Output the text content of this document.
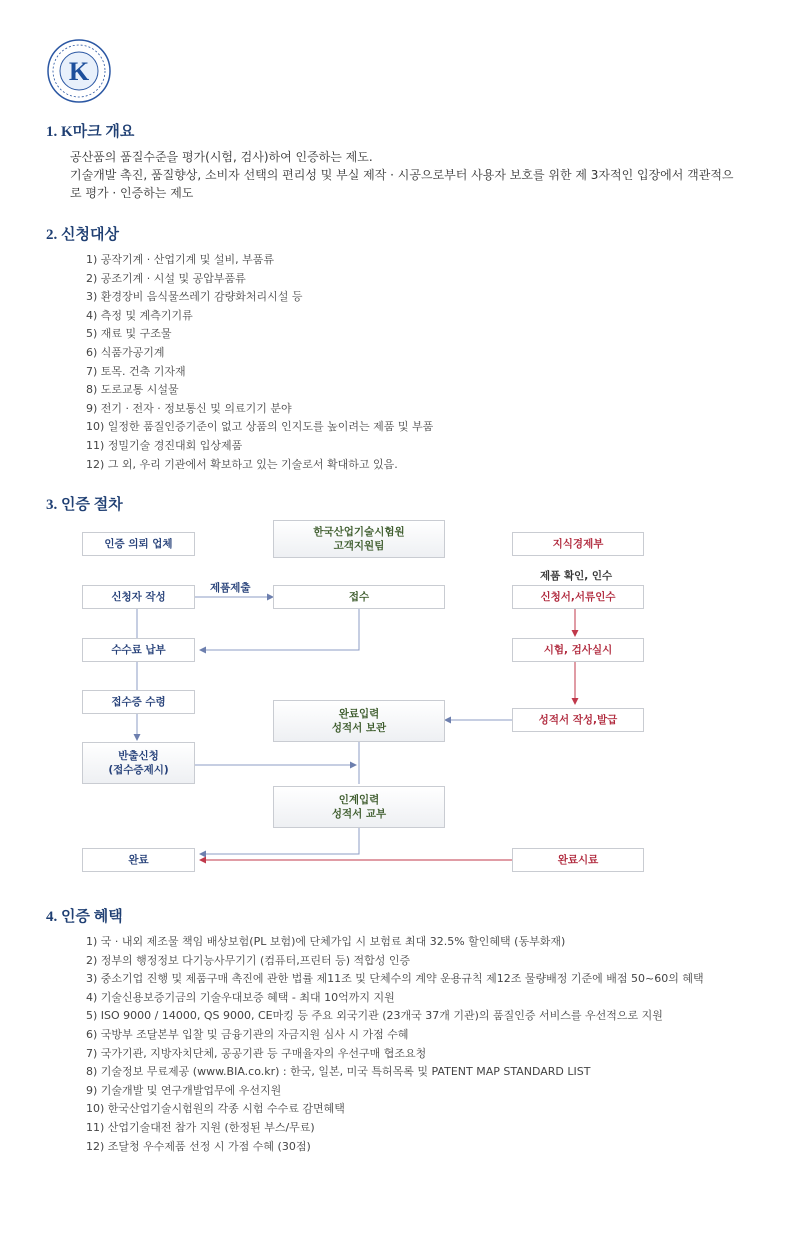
K
1. K마크 개요

공산품의 품질수준을 평가(시험, 검사)하여 인증하는 제도.

기술개발 촉진, 품질향상, 소비자 선택의 편리성 및 부실 제작 · 시공으로부터 사용자 보호를 위한 제 3자적인 입장에서 객관적으

로 평가 · 인증하는 제도

2. 신청대상
1) 공작기계 · 산업기계 및 설비, 부품류
2) 공조기계 · 시설 및 공압부품류
3) 환경장비 음식물쓰레기 감량화처리시설 등
4) 측정 및 계측기기류
5) 재료 및 구조물
6) 식품가공기계
7) 토목. 건축 기자재
8) 도로교통 시설물
9) 전기 · 전자 · 정보통신 및 의료기기 분야
10) 일정한 품질인증기준이 없고 상품의 인지도를 높이려는 제품 및 부품
11) 정밀기술 경진대회 입상제품
12) 그 외, 우리 기관에서 확보하고 있는 기술로서 확대하고 있음.
3. 인증 절차
인증 의뢰 업체
한국산업기술시험원
고객지원팀	지식경제부
신청자 작성
제품제출
접수
제품 확인, 인수
신청서,서류인수
수수료 납부	시험, 검사실시
접수증 수령
완료입력
성적서 보관
성적서 작성,발급
반출신청
(접수증제시)
인계입력
성적서 교부
완료	완료시료
4. 인증 혜택
1) 국 · 내외 제조물 책임 배상보험(PL 보험)에 단체가입 시 보험료 최대 32.5% 할인혜택 (동부화재)
2) 정부의 행정정보 다기능사무기기 (컴퓨터,프린터 등) 적합성 인증
3) 중소기업 진행 및 제품구매 촉진에 관한 법률 제11조 및 단체수의 계약 운용규칙 제12조 물량배정 기준에 배점 50~60의 혜택
4) 기술신용보증기금의 기술우대보증 혜택 - 최대 10억까지 지원
5) ISO 9000 / 14000, QS 9000, CE마킹 등 주요 외국기관 (23개국 37개 기관)의 품질인증 서비스를 우선적으로 지원
6) 국방부 조달본부 입찰 및 금융기관의 자금지원 심사 시 가점 수혜
7) 국가기관, 지방자치단체, 공공기관 등 구매율자의 우선구매 협조요청
8) 기술정보 무료제공 (www.BIA.co.kr) : 한국, 일본, 미국 특허목록 및 PATENT MAP STANDARD LIST
9) 기술개발 및 연구개발업무에 우선지원
10) 한국산업기술시험원의 각종 시험 수수료 감면혜택
11) 산업기술대전 참가 지원 (한정된 부스/무료)
12) 조달청 우수제품 선정 시 가점 수혜 (30점)
